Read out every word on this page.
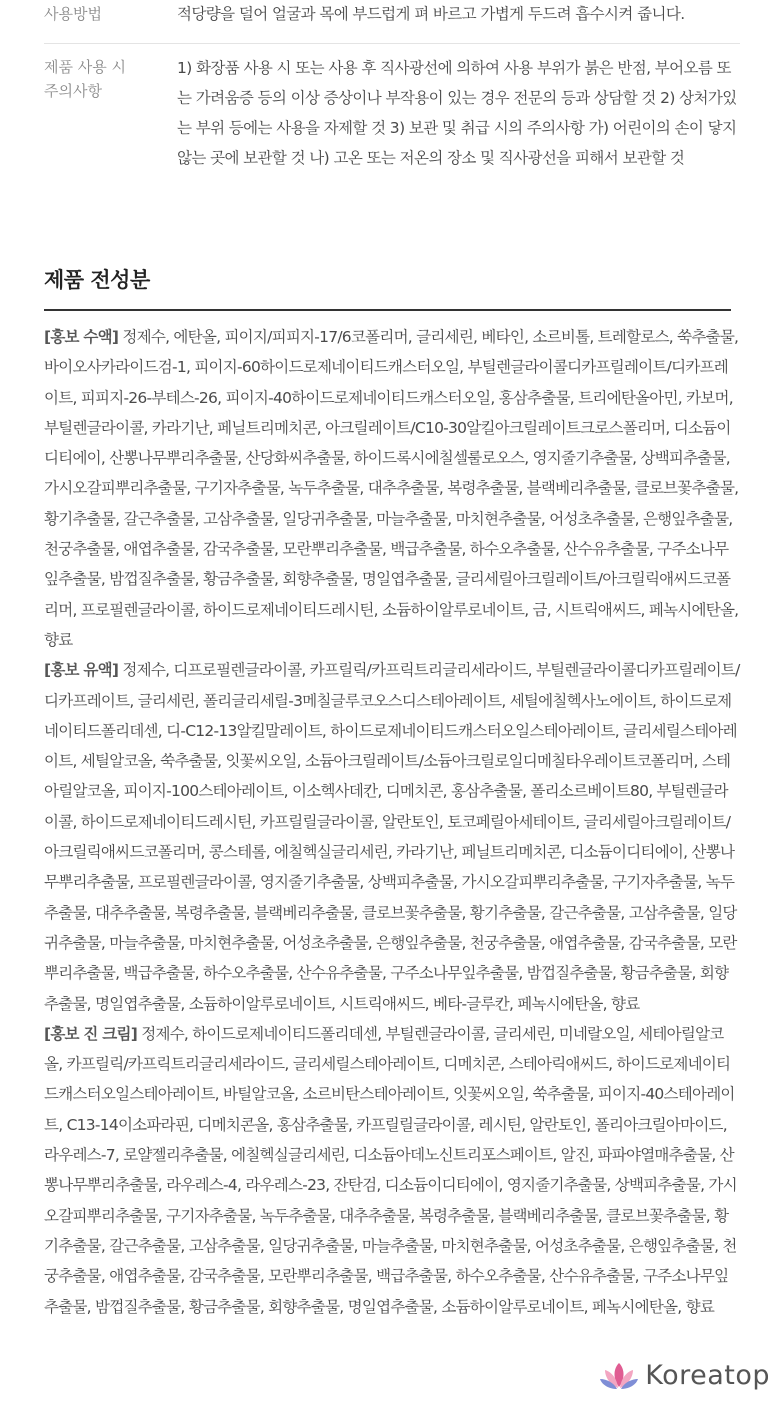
사용방법	적당량을 덜어 얼굴과 목에 부드럽게 펴 바르고 가볍게 두드려 흡수시켜 줍니다.
제품 사용 시
주의사항
1) 화장품 사용 시 또는 사용 후 직사광선에 의하여 사용 부위가 붉은 반점, 부어오름 또는 가려움증 등의 이상 증상이나 부작용이 있는 경우 전문의 등과 상담할 것 2) 상처가있는 부위 등에는 사용을 자제할 것 3) 보관 및 취급 시의 주의사항 가) 어린이의 손이 닿지 않는 곳에 보관할 것 나) 고온 또는 저온의 장소 및 직사광선을 피해서 보관할 것
제품 전성분

[홍보 수액] 정제수, 에탄올, 피이지/피피지-17/6코폴리머, 글리세린, 베타인, 소르비톨, 트레할로스, 쑥추출물, 바이오사카라이드검-1, 피이지-60하이드로제네이티드캐스터오일, 부틸렌글라이콜디카프릴레이트/디카프레이트, 피피지-26-부테스-26, 피이지-40하이드로제네이티드캐스터오일, 홍삼추출물, 트리에탄올아민, 카보머, 부틸렌글라이콜, 카라기난, 페닐트리메치콘, 아크릴레이트/C10-30알킬아크릴레이트크로스폴리머, 디소듐이디티에이, 산뽕나무뿌리추출물, 산당화씨추출물, 하이드록시에칠셀룰로오스, 영지줄기추출물, 상백피추출물, 가시오갈피뿌리추출물, 구기자추출물, 녹두추출물, 대추추출물, 복령추출물, 블랙베리추출물, 클로브꽃추출물, 황기추출물, 갈근추출물, 고삼추출물, 일당귀추출물, 마늘추출물, 마치현추출물, 어성초추출물, 은행잎추출물, 천궁추출물, 애엽추출물, 감국추출물, 모란뿌리추출물, 백급추출물, 하수오추출물, 산수유추출물, 구주소나무잎추출물, 밤껍질추출물, 황금추출물, 회향추출물, 명일엽추출물, 글리세릴아크릴레이트/아크릴릭애씨드코폴리머, 프로필렌글라이콜, 하이드로제네이티드레시틴, 소듐하이알루로네이트, 금, 시트릭애씨드, 페녹시에탄올, 향료

[홍보 유액] 정제수, 디프로필렌글라이콜, 카프릴릭/카프릭트리글리세라이드, 부틸렌글라이콜디카프릴레이트/디카프레이트, 글리세린, 폴리글리세릴-3메칠글루코오스디스테아레이트, 세틸에칠헥사노에이트, 하이드로제네이티드폴리데센, 디-C12-13알킬말레이트, 하이드로제네이티드캐스터오일스테아레이트, 글리세릴스테아레이트, 세틸알코올, 쑥추출물, 잇꽃씨오일, 소듐아크릴레이트/소듐아크릴로일디메칠타우레이트코폴리머, 스테아릴알코올, 피이지-100스테아레이트, 이소헥사데칸, 디메치콘, 홍삼추출물, 폴리소르베이트80, 부틸렌글라이콜, 하이드로제네이티드레시틴, 카프릴릴글라이콜, 알란토인, 토코페릴아세테이트, 글리세릴아크릴레이트/아크릴릭애씨드코폴리머, 콩스테롤, 에칠헥실글리세린, 카라기난, 페닐트리메치콘, 디소듐이디티에이, 산뽕나무뿌리추출물, 프로필렌글라이콜, 영지줄기추출물, 상백피추출물, 가시오갈피뿌리추출물, 구기자추출물, 녹두추출물, 대추추출물, 복령추출물, 블랙베리추출물, 클로브꽃추출물, 황기추출물, 갈근추출물, 고삼추출물, 일당귀추출물, 마늘추출물, 마치현추출물, 어성초추출물, 은행잎추출물, 천궁추출물, 애엽추출물, 감국추출물, 모란뿌리추출물, 백급추출물, 하수오추출물, 산수유추출물, 구주소나무잎추출물, 밤껍질추출물, 황금추출물, 회향추출물, 명일엽추출물, 소듐하이알루로네이트, 시트릭애씨드, 베타-글루칸, 페녹시에탄올, 향료

[홍보 진 크림] 정제수, 하이드로제네이티드폴리데센, 부틸렌글라이콜, 글리세린, 미네랄오일, 세테아릴알코올, 카프릴릭/카프릭트리글리세라이드, 글리세릴스테아레이트, 디메치콘, 스테아릭애씨드, 하이드로제네이티드캐스터오일스테아레이트, 바틸알코올, 소르비탄스테아레이트, 잇꽃씨오일, 쑥추출물, 피이지-40스테아레이트, C13-14이소파라핀, 디메치콘올, 홍삼추출물, 카프릴릴글라이콜, 레시틴, 알란토인, 폴리아크릴아마이드, 라우레스-7, 로얄젤리추출물, 에칠헥실글리세린, 디소듐아데노신트리포스페이트, 알진, 파파야열매추출물, 산뽕나무뿌리추출물, 라우레스-4, 라우레스-23, 잔탄검, 디소듐이디티에이, 영지줄기추출물, 상백피추출물, 가시오갈피뿌리추출물, 구기자추출물, 녹두추출물, 대추추출물, 복령추출물, 블랙베리추출물, 클로브꽃추출물, 황기추출물, 갈근추출물, 고삼추출물, 일당귀추출물, 마늘추출물, 마치현추출물, 어성초추출물, 은행잎추출물, 천궁추출물, 애엽추출물, 감국추출물, 모란뿌리추출물, 백급추출물, 하수오추출물, 산수유추출물, 구주소나무잎추출물, 밤껍질추출물, 황금추출물, 회향추출물, 명일엽추출물, 소듐하이알루로네이트, 페녹시에탄올, 향료

Koreatop
